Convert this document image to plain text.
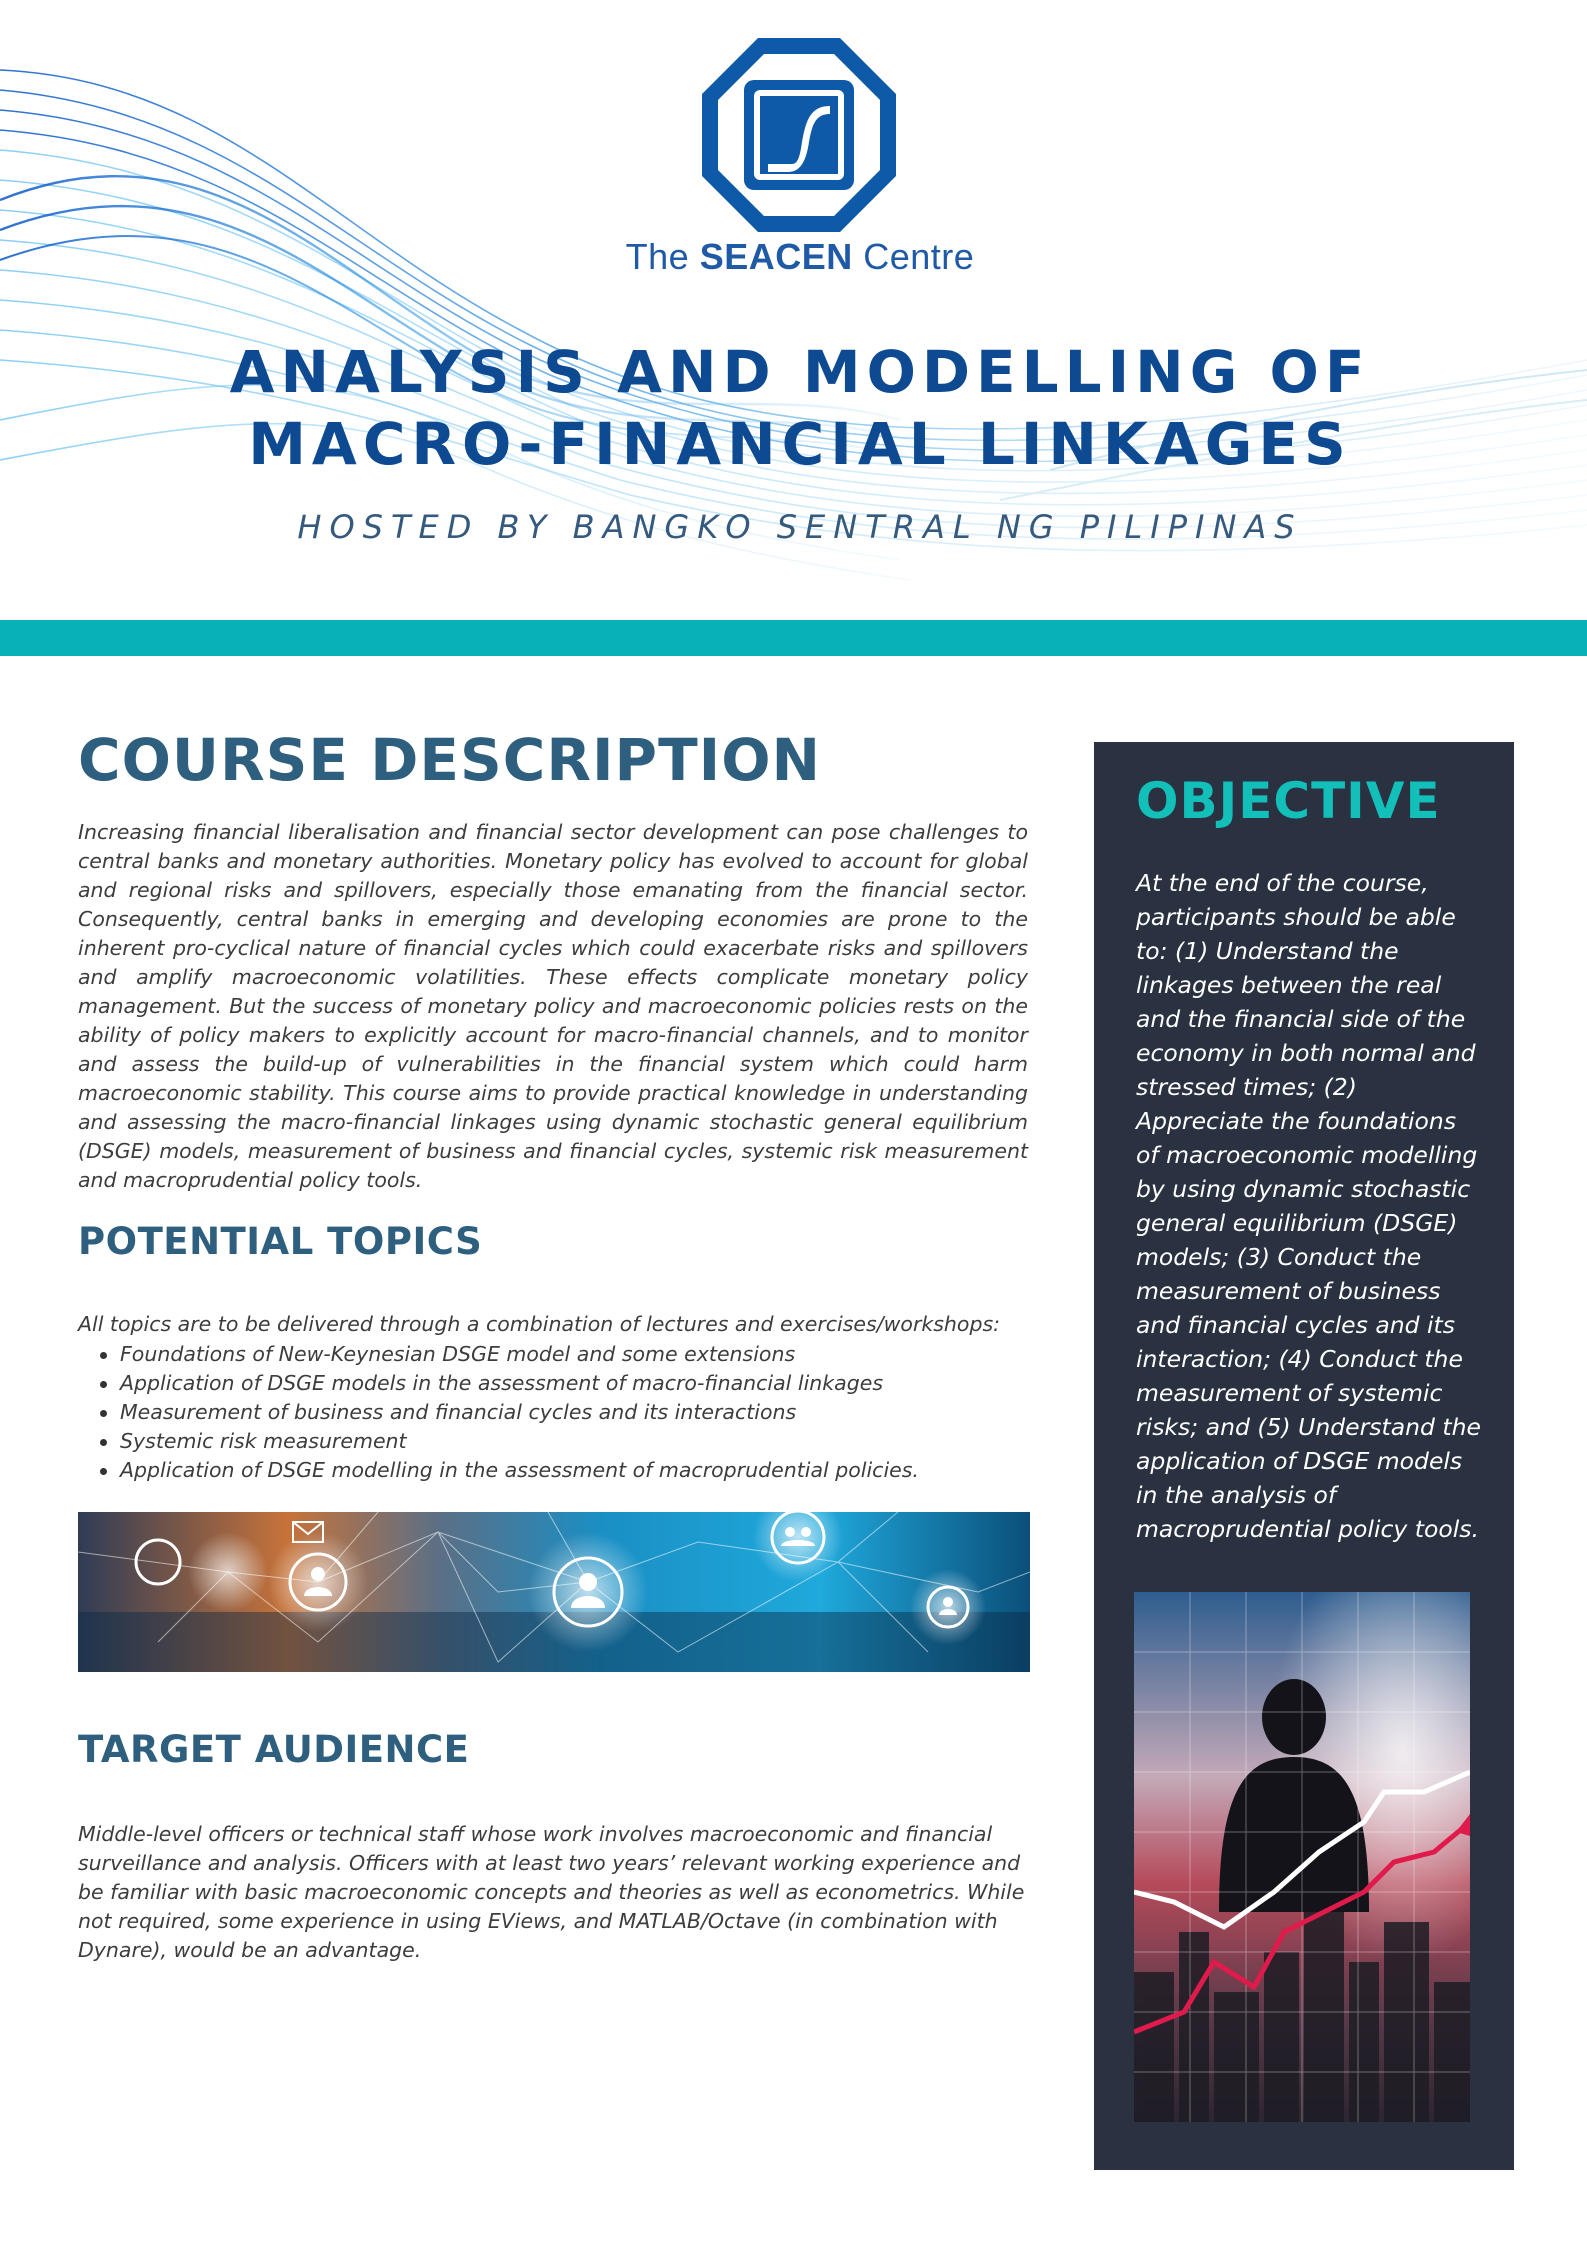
The SEACEN Centre
ANALYSIS AND MODELLING OF
MACRO-FINANCIAL LINKAGES
HOSTED BY BANGKO SENTRAL NG PILIPINAS
COURSE DESCRIPTION

Increasing financial liberalisation and financial sector development can pose challenges to central banks and monetary authorities. Monetary policy has evolved to account for global and regional risks and spillovers, especially those emanating from the financial sector. Consequently, central banks in emerging and developing economies are prone to the inherent pro-cyclical nature of financial cycles which could exacerbate risks and spillovers and amplify macroeconomic volatilities. These effects complicate monetary policy management. But the success of monetary policy and macroeconomic policies rests on the ability of policy makers to explicitly account for macro-financial channels, and to monitor and assess the build-up of vulnerabilities in the financial system which could harm macroeconomic stability. This course aims to provide practical knowledge in understanding and assessing the macro-financial linkages using dynamic stochastic general equilibrium (DSGE) models, measurement of business and financial cycles, systemic risk measurement and macroprudential policy tools.

POTENTIAL TOPICS

All topics are to be delivered through a combination of lectures and exercises/workshops:

Foundations of New-Keynesian DSGE model and some extensions
Application of DSGE models in the assessment of macro-financial linkages
Measurement of business and financial cycles and its interactions
Systemic risk measurement
Application of DSGE modelling in the assessment of macroprudential policies.
TARGET AUDIENCE

Middle-level officers or technical staff whose work involves macroeconomic and financial surveillance and analysis. Officers with at least two years’ relevant working experience and be familiar with basic macroeconomic concepts and theories as well as econometrics. While not required, some experience in using EViews, and MATLAB/Octave (in combination with Dynare), would be an advantage.

OBJECTIVE

At the end of the course, participants should be able to: (1) Understand the linkages between the real and the financial side of the economy in both normal and stressed times; (2) Appreciate the foundations of macroeconomic modelling by using dynamic stochastic general equilibrium (DSGE) models; (3) Conduct the measurement of business and financial cycles and its interaction; (4) Conduct the measurement of systemic risks; and (5) Understand the application of DSGE models in the analysis of macroprudential policy tools.
